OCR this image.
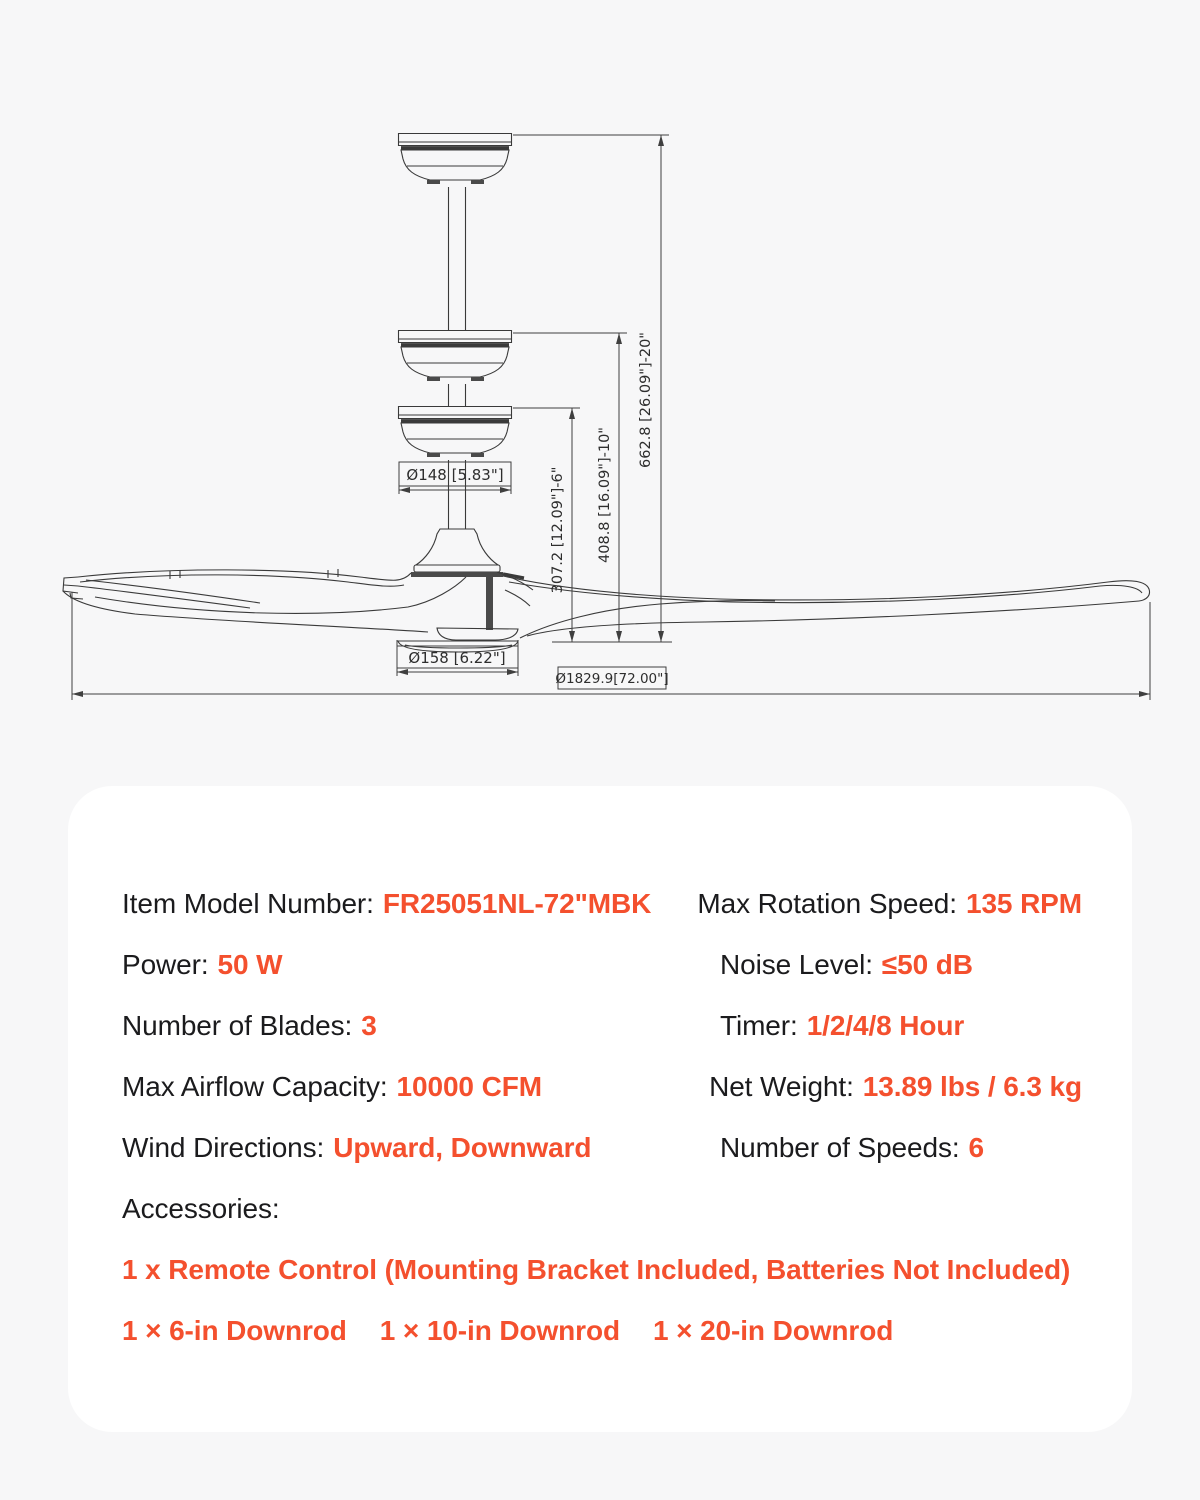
Ø148 [5.83"]
Ø158 [6.22"]
Ø1829.9[72.00"]
307.2 [12.09"]-6" 408.8 [16.09"]-10"
662.8 [26.09"]-20"
Item Model Number: FR25051NL-72"MBK	Max Rotation Speed: 135 RPM
Power: 50 W	Noise Level: ≤50 dB
Number of Blades: 3	Timer: 1/2/4/8 Hour
Max Airflow Capacity: 10000 CFM	Net Weight: 13.89 lbs / 6.3 kg
Wind Directions: Upward, Downward	Number of Speeds: 6
Accessories:
1 x Remote Control (Mounting Bracket Included, Batteries Not Included)
1 × 6-in Downrod 1 × 10-in Downrod 1 × 20-in Downrod
